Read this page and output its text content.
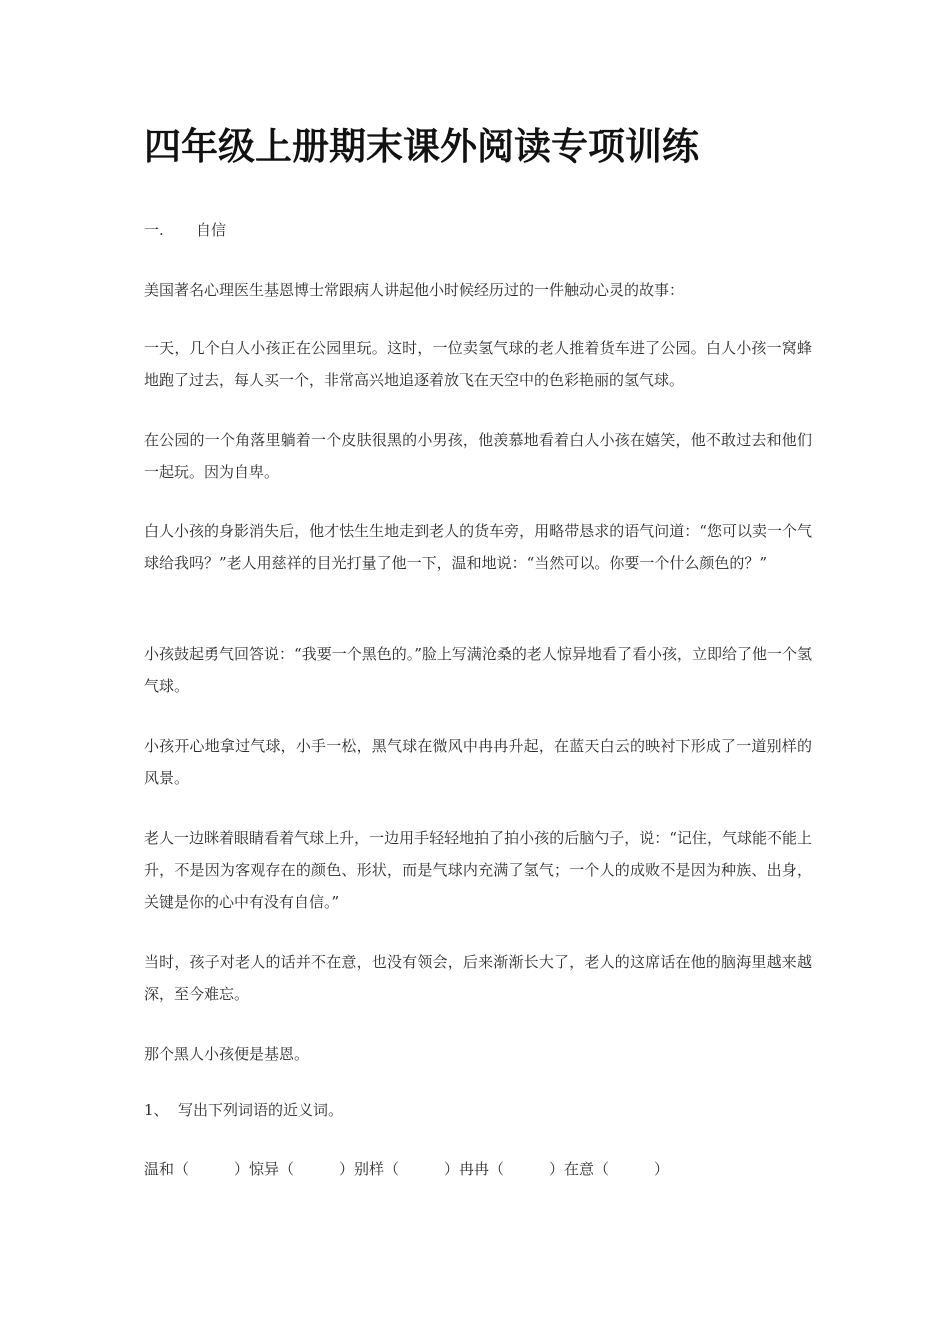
四年级上册期末课外阅读专项训练
一. 自信

美国著名心理医生基恩博士常跟病人讲起他小时候经历过的一件触动心灵的故事：

一天，几个白人小孩正在公园里玩。这时，一位卖氢气球的老人推着货车进了公园。白人小孩一窝蜂地跑了过去，每人买一个，非常高兴地追逐着放飞在天空中的色彩艳丽的氢气球。

在公园的一个角落里躺着一个皮肤很黑的小男孩，他羡慕地看着白人小孩在嬉笑，他不敢过去和他们一起玩。因为自卑。

白人小孩的身影消失后，他才怯生生地走到老人的货车旁，用略带恳求的语气问道：“您可以卖一个气球给我吗？”老人用慈祥的目光打量了他一下，温和地说：“当然可以。你要一个什么颜色的？”

小孩鼓起勇气回答说：“我要一个黑色的。”脸上写满沧桑的老人惊异地看了看小孩，立即给了他一个氢气球。

小孩开心地拿过气球，小手一松，黑气球在微风中冉冉升起，在蓝天白云的映衬下形成了一道别样的风景。

老人一边眯着眼睛看着气球上升，一边用手轻轻地拍了拍小孩的后脑勺子，说：“记住，气球能不能上升，不是因为客观存在的颜色、形状，而是气球内充满了氢气；一个人的成败不是因为种族、出身，关键是你的心中有没有自信。”

当时，孩子对老人的话并不在意，也没有领会，后来渐渐长大了，老人的这席话在他的脑海里越来越深，至今难忘。

那个黑人小孩便是基恩。

1、 写出下列词语的近义词。
温和（　　　）惊异（　　　）别样（　　　）冉冉（　　　）在意（　　　）
